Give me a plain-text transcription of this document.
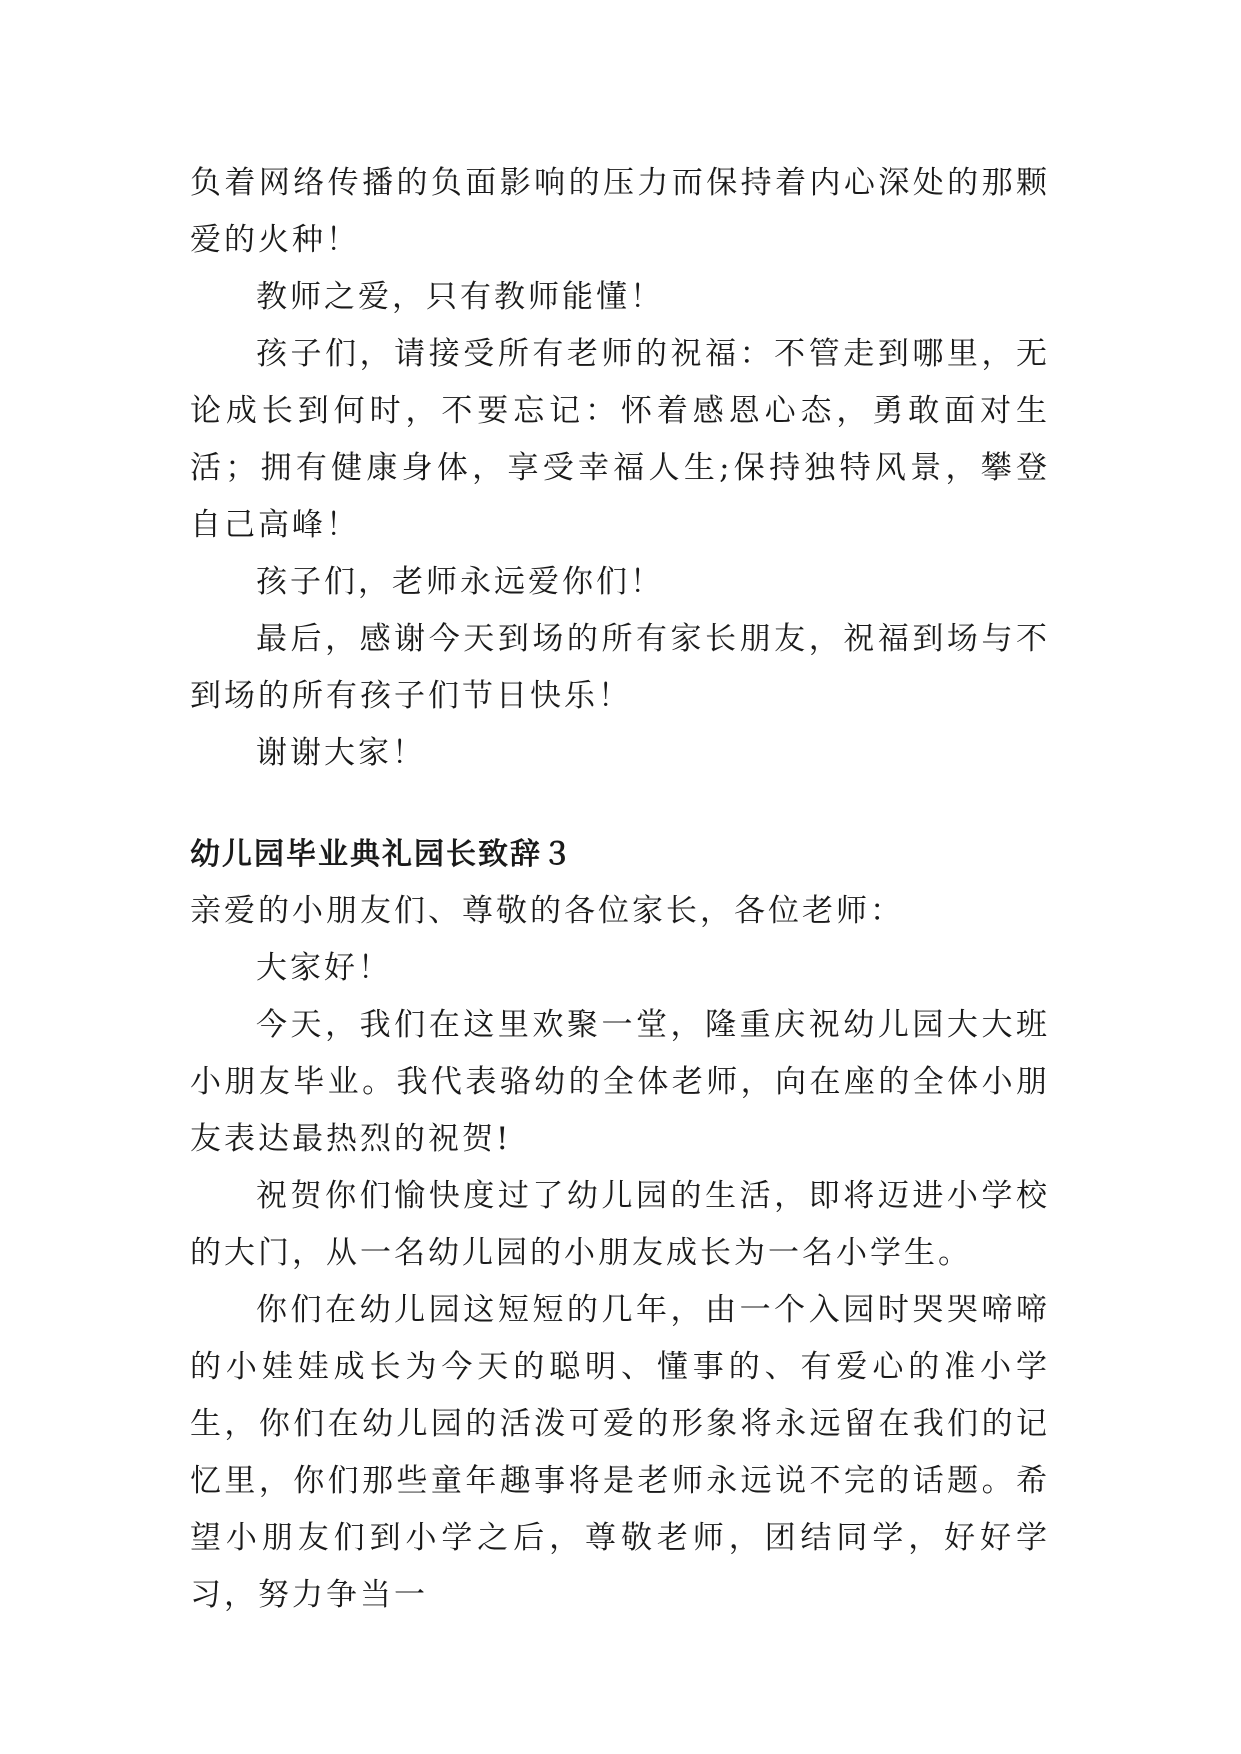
负着网络传播的负面影响的压力而保持着内心深处的那颗爱的火种！

教师之爱，只有教师能懂！

孩子们，请接受所有老师的祝福：不管走到哪里，无论成长到何时，不要忘记：怀着感恩心态，勇敢面对生活；拥有健康身体，享受幸福人生;保持独特风景，攀登自己高峰！

孩子们，老师永远爱你们！

最后，感谢今天到场的所有家长朋友，祝福到场与不到场的所有孩子们节日快乐！

谢谢大家！

幼儿园毕业典礼园长致辞３

亲爱的小朋友们、尊敬的各位家长，各位老师：

大家好！

今天，我们在这里欢聚一堂，隆重庆祝幼儿园大大班小朋友毕业。我代表骆幼的全体老师，向在座的全体小朋友表达最热烈的祝贺!

祝贺你们愉快度过了幼儿园的生活，即将迈进小学校的大门，从一名幼儿园的小朋友成长为一名小学生。

你们在幼儿园这短短的几年，由一个入园时哭哭啼啼的小娃娃成长为今天的聪明、懂事的、有爱心的准小学生，你们在幼儿园的活泼可爱的形象将永远留在我们的记忆里，你们那些童年趣事将是老师永远说不完的话题。希望小朋友们到小学之后，尊敬老师，团结同学，好好学习，努力争当一
